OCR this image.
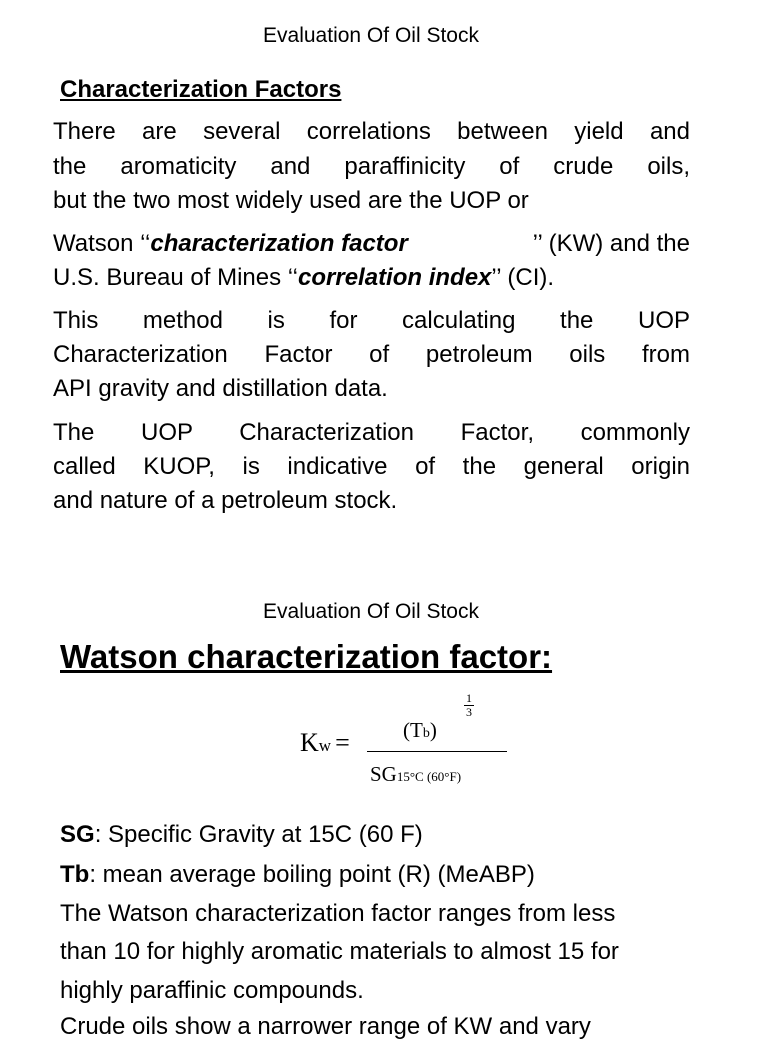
Evaluation Of Oil Stock
Characterization Factors
There are several correlations between yield and
the aromaticity and paraffinicity of crude oils,
but the two most widely used are the UOP or
Watson ‘‘ characterization factor	’’ (KW) and the
U.S. Bureau of Mines ‘‘correlation index’’ (CI).
This method is for calculating the UOP
Characterization Factor of petroleum oils from
API gravity and distillation data.
The UOP Characterization Factor, commonly
called KUOP, is indicative of the general origin
and nature of a petroleum stock.
Evaluation Of Oil Stock
Watson characterization factor:
Kw =	(Tb)
$\frac{1}{3}$
SG15°C (60°F)
SG: Specific Gravity at 15C (60 F)
Tb: mean average boiling point (R) (MeABP)
The Watson characterization factor ranges from less
than 10 for highly aromatic materials to almost 15 for
highly paraffinic compounds.
Crude oils show a narrower range of KW and vary
